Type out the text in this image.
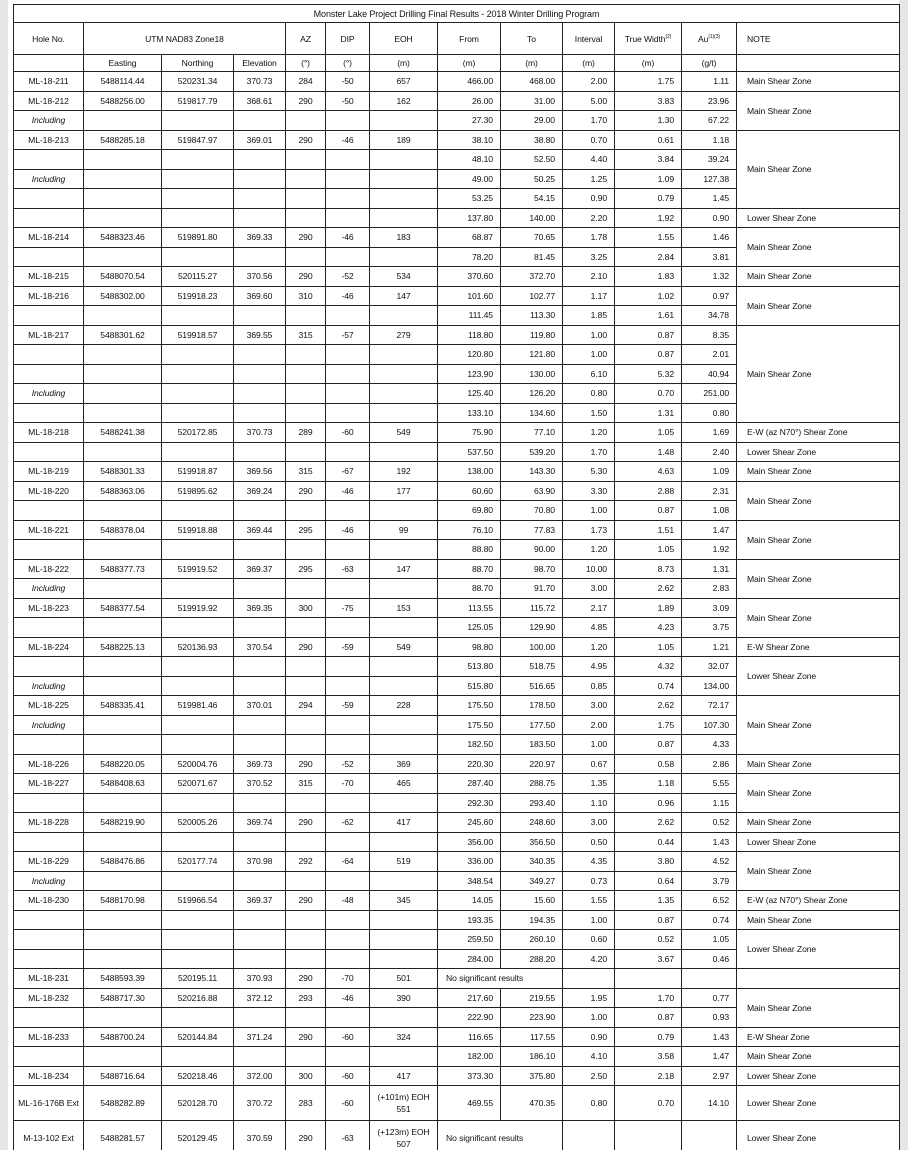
Monster Lake Project Drilling Final Results - 2018 Winter Drilling Program												
Hole No.	UTM NAD83 Zone18			AZ	DIP	EOH	From	To	Interval	True Width$^{(2)}$	$Au^{(1)(3)}$	NOTE
	Easting	Northing	Elevation	(°)	(°)	(m)	(m)	(m)	(m)	(m)	(g/t)	
ML-18-211	5488114.44	520231.34	370.73	284	-50	657	466.00	468.00	2.00	1.75	1.11	Main Shear Zone
ML-18-212	5488256.00	519817.79	368.61	290	-50	162	26.00	31.00	5.00	3.83	23.96	Main Shear Zone
Including							27.30	29.00	1.70	1.30	67.22	
ML-18-213	5488285.18	519847.97	369.01	290	-46	189	38.10	38.80	0.70	0.61	1.18	Main Shear Zone
							48.10	52.50	4.40	3.84	39.24	
Including							49.00	50.25	1.25	1.09	127.38	
							53.25	54.15	0.90	0.79	1.45	
							137.80	140.00	2.20	1.92	0.90	Lower Shear Zone
ML-18-214	5488323.46	519891.80	369.33	290	-46	183	68.87	70.65	1.78	1.55	1.46	Main Shear Zone
							78.20	81.45	3.25	2.84	3.81	
ML-18-215	5488070.54	520115.27	370.56	290	-52	534	370.60	372.70	2.10	1.83	1.32	Main Shear Zone
ML-18-216	5488302.00	519918.23	369.60	310	-46	147	101.60	102.77	1.17	1.02	0.97	Main Shear Zone
							111.45	113.30	1.85	1.61	34.78	
ML-18-217	5488301.62	519918.57	369.55	315	-57	279	118.80	119.80	1.00	0.87	8.35	Main Shear Zone
							120.80	121.80	1.00	0.87	2.01	
							123.90	130.00	6.10	5.32	40.94	
Including							125.40	126.20	0.80	0.70	251.00	
							133.10	134.60	1.50	1.31	0.80	
ML-18-218	5488241.38	520172.85	370.73	289	-60	549	75.90	77.10	1.20	1.05	1.69	E-W (az N70°) Shear Zone
							537.50	539.20	1.70	1.48	2.40	Lower Shear Zone
ML-18-219	5488301.33	519918.87	369.56	315	-67	192	138.00	143.30	5.30	4.63	1.09	Main Shear Zone
ML-18-220	5488363.06	519895.62	369.24	290	-46	177	60.60	63.90	3.30	2.88	2.31	Main Shear Zone
							69.80	70.80	1.00	0.87	1.08	
ML-18-221	5488378.04	519918.88	369.44	295	-46	99	76.10	77.83	1.73	1.51	1.47	Main Shear Zone
							88.80	90.00	1.20	1.05	1.92	
ML-18-222	5488377.73	519919.52	369.37	295	-63	147	88.70	98.70	10.00	8.73	1.31	Main Shear Zone
Including							88.70	91.70	3.00	2.62	2.83	
ML-18-223	5488377.54	519919.92	369.35	300	-75	153	113.55	115.72	2.17	1.89	3.09	Main Shear Zone
							125.05	129.90	4.85	4.23	3.75	
ML-18-224	5488225.13	520136.93	370.54	290	-59	549	98.80	100.00	1.20	1.05	1.21	E-W Shear Zone
							513.80	518.75	4.95	4.32	32.07	Lower Shear Zone
Including							515.80	516.65	0.85	0.74	134.00	
ML-18-225	5488335.41	519981.46	370.01	294	-59	228	175.50	178.50	3.00	2.62	72.17	Main Shear Zone
Including							175.50	177.50	2.00	1.75	107.30	
							182.50	183.50	1.00	0.87	4.33	
ML-18-226	5488220.05	520004.76	369.73	290	-52	369	220.30	220.97	0.67	0.58	2.86	Main Shear Zone
ML-18-227	5488408.63	520071.67	370.52	315	-70	465	287.40	288.75	1.35	1.18	5.55	Main Shear Zone
							292.30	293.40	1.10	0.96	1.15	
ML-18-228	5488219.90	520005.26	369.74	290	-62	417	245.60	248.60	3.00	2.62	0.52	Main Shear Zone
							356.00	356.50	0.50	0.44	1.43	Lower Shear Zone
ML-18-229	5488476.86	520177.74	370.98	292	-64	519	336.00	340.35	4.35	3.80	4.52	Main Shear Zone
Including							348.54	349.27	0.73	0.64	3.79	
ML-18-230	5488170.98	519966.54	369.37	290	-48	345	14.05	15.60	1.55	1.35	6.52	E-W (az N70°) Shear Zone
							193.35	194.35	1.00	0.87	0.74	Main Shear Zone
							259.50	260.10	0.60	0.52	1.05	Lower Shear Zone
							284.00	288.20	4.20	3.67	0.46	
ML-18-231	5488593.39	520195.11	370.93	290	-70	501	No significant results					
ML-18-232	5488717.30	520216.88	372.12	293	-46	390	217.60	219.55	1.95	1.70	0.77	Main Shear Zone
							222.90	223.90	1.00	0.87	0.93	
ML-18-233	5488700.24	520144.84	371.24	290	-60	324	116.65	117.55	0.90	0.79	1.43	E-W Shear Zone
							182.00	186.10	4.10	3.58	1.47	Main Shear Zone
ML-18-234	5488716.64	520218.46	372.00	300	-60	417	373.30	375.80	2.50	2.18	2.97	Lower Shear Zone
ML-16-176B Ext	5488282.89	520128.70	370.72	283	-60	(+101m) EOH 551	469.55	470.35	0.80	0.70	14.10	Lower Shear Zone
M-13-102 Ext	5488281.57	520129.45	370.59	290	-63	(+123m) EOH 507	No significant results					Lower Shear Zone
